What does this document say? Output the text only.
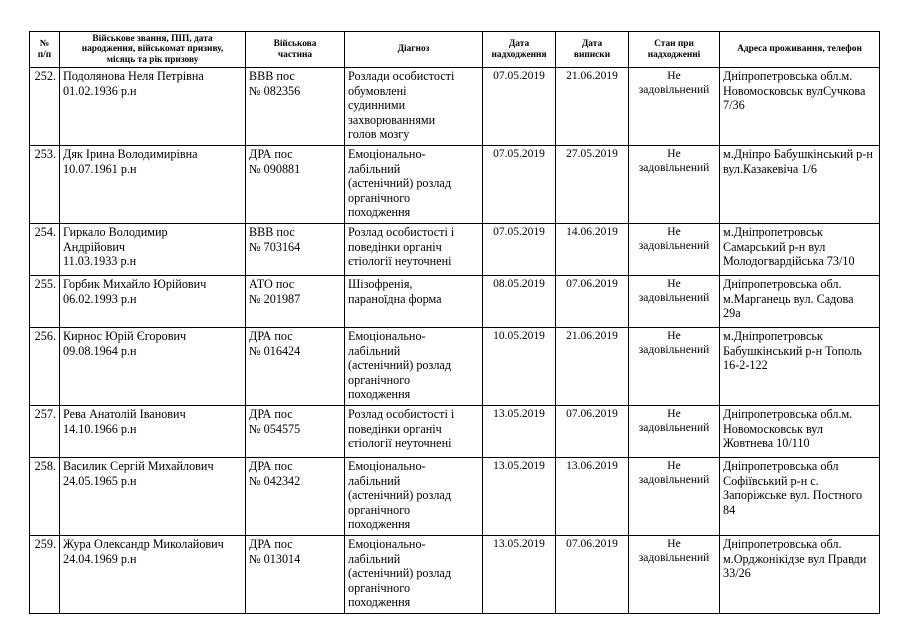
№
п/п	Військове звання, ПІП, дата
народження, військомат призиву,
місяць та рік призову	Військова
частина	Діагноз	Дата
надходження	Дата
виписки	Стан при
надходженні	Адреса проживання, телефон
252.	Подолянова Неля Петрівна
01.02.1936 р.н	ВВВ пос
№ 082356	Розлади особистості
обумовлені
судинними
захворюваннями
голов мозгу	07.05.2019	21.06.2019	Не
задовільнений	Дніпропетровська обл.м.
Новомосковськ вулСучкова
7/36
253.	Дяк Ірина Володимирівна
10.07.1961 р.н	ДРА пос
№ 090881	Емоціонально-
лабільний
(астенічний) розлад
органічного
походження	07.05.2019	27.05.2019	Не
задовільнений	м.Дніпро Бабушкінський р-н
вул.Казакевіча 1/6
254.	Гиркало Володимир
Андрійович
11.03.1933 р.н	ВВВ пос
№ 703164	Розлад особистості і
поведінки органіч
єтіології неуточнені	07.05.2019	14.06.2019	Не
задовільнений	м.Дніпропетровськ
Самарський р-н вул
Молодогвардійська 73/10
255.	Горбик Михайло Юрійович
06.02.1993 р.н	АТО пос
№ 201987	Шізофренія,
параноїдна форма	08.05.2019	07.06.2019	Не
задовільнений	Дніпропетровська обл.
м.Марганець вул. Садова
29а
256.	Кирнос Юрій Єгорович
09.08.1964 р.н	ДРА пос
№ 016424	Емоціонально-
лабільний
(астенічний) розлад
органічного
походження	10.05.2019	21.06.2019	Не
задовільнений	м.Дніпропетровськ
Бабушкінський р-н Тополь
16-2-122
257.	Рева Анатолій Іванович
14.10.1966 р.н	ДРА пос
№ 054575	Розлад особистості і
поведінки органіч
єтіології неуточнені	13.05.2019	07.06.2019	Не
задовільнений	Дніпропетровська обл.м.
Новомосковськ вул
Жовтнева 10/110
258.	Василик Сергій Михайлович
24.05.1965 р.н	ДРА пос
№ 042342	Емоціонально-
лабільний
(астенічний) розлад
органічного
походження	13.05.2019	13.06.2019	Не
задовільнений	Дніпропетровська обл
Софіївський р-н с.
Запоріжське вул. Постного
84
259.	Жура Олександр Миколайович
24.04.1969 р.н	ДРА пос
№ 013014	Емоціонально-
лабільний
(астенічний) розлад
органічного
походження	13.05.2019	07.06.2019	Не
задовільнений	Дніпропетровська обл.
м.Орджонікідзе вул Правди
33/26
